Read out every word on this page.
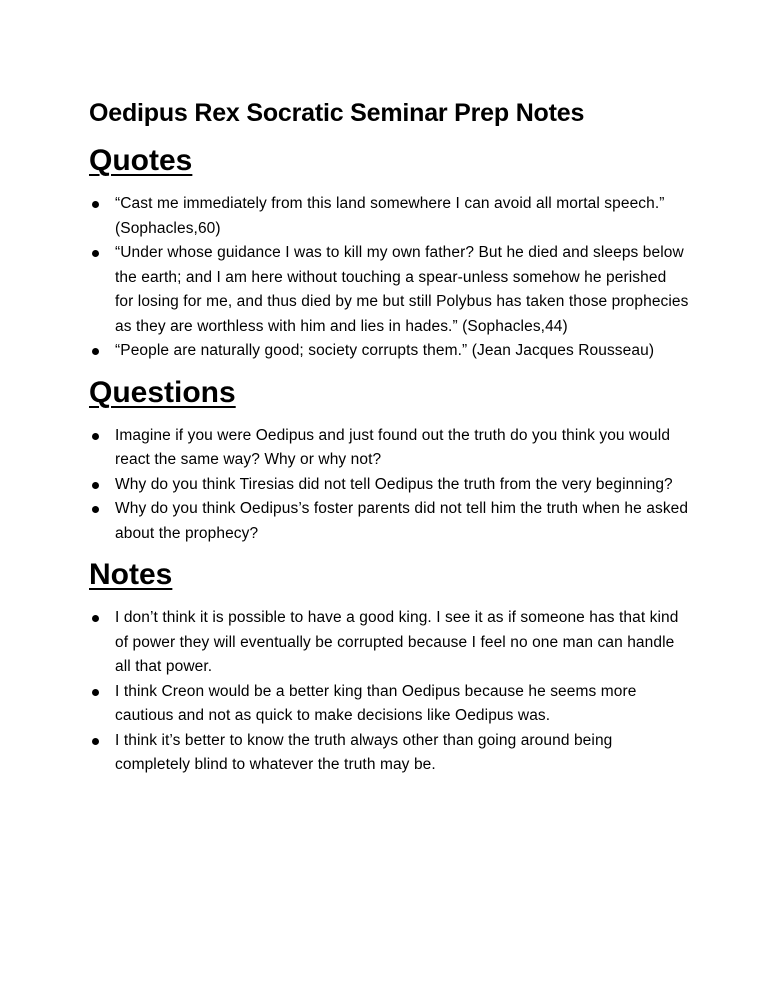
Oedipus Rex Socratic Seminar Prep Notes
Quotes
“Cast me immediately from this land somewhere I can avoid all mortal speech.” (Sophacles,60)
“Under whose guidance I was to kill my own father? But he died and sleeps below the earth; and I am here without touching a spear-unless somehow he perished for losing for me, and thus died by me but still Polybus has taken those prophecies as they are worthless with him and lies in hades.” (Sophacles,44)
“People are naturally good; society corrupts them.” (Jean Jacques Rousseau)
Questions
Imagine if you were Oedipus and just found out the truth do you think you would react the same way? Why or why not?
Why do you think Tiresias did not tell Oedipus the truth from the very beginning?
Why do you think Oedipus’s foster parents did not tell him the truth when he asked about the prophecy?
Notes
I don’t think it is possible to have a good king. I see it as if someone has that kind of power they will eventually be corrupted because I feel no one man can handle all that power.
I think Creon would be a better king than Oedipus because he seems more cautious and not as quick to make decisions like Oedipus was.
I think it’s better to know the truth always other than going around being completely blind to whatever the truth may be.
